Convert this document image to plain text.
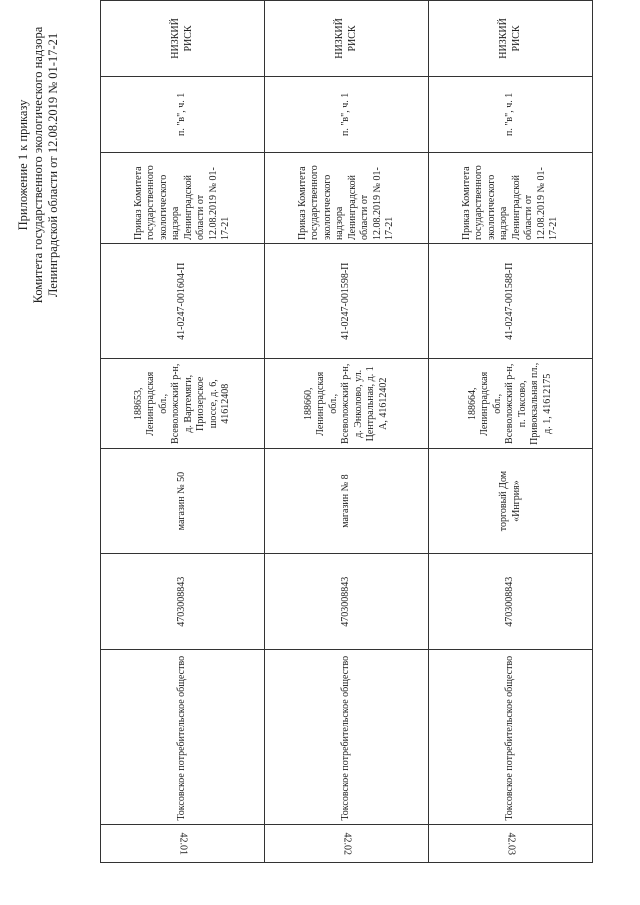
Приложение 1 к приказу Комитета государственного экологического надзора Ленинградской области от 12.08.2019 № 01-17-21
42.01	Токсовское потребительское общество	4703008843	магазин № 50	188653, Ленинградская обл., Всеволожский р-н, д. Вартемяги, Приозерское шоссе, д. 6, 41612408	41-0247-001604-П	Приказ Комитета государственного экологического надзора Ленинградской области от 12.08.2019 № 01-17-21	п. "в", ч. 1	НИЗКИЙ РИСК
42.02	Токсовское потребительское общество	4703008843	магазин № 8	188660, Ленинградская обл., Всеволожский р-н, д. Энколово, ул. Центральная, д. 1 А, 41612402	41-0247-001598-П	Приказ Комитета государственного экологического надзора Ленинградской области от 12.08.2019 № 01-17-21	п. "в", ч. 1	НИЗКИЙ РИСК
42.03	Токсовское потребительское общество	4703008843	торговый Дом «Ингрия»	188664, Ленинградская обл., Всеволожский р-н, п. Токсово, Привокзальная пл., д. 1, 41612175	41-0247-001588-П	Приказ Комитета государственного экологического надзора Ленинградской области от 12.08.2019 № 01-17-21	п. "в", ч. 1	НИЗКИЙ РИСК
